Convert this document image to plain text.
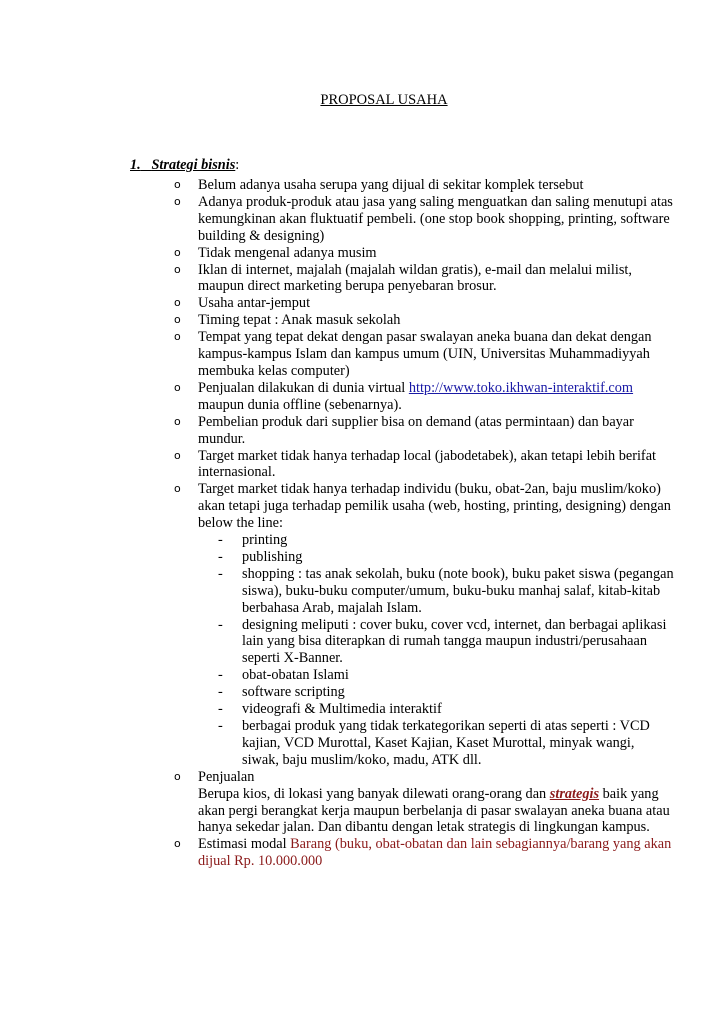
PROPOSAL USAHA
1. Strategi bisnis:
o Belum adanya usaha serupa yang dijual di sekitar komplek tersebut
o Adanya produk-produk atau jasa yang saling menguatkan dan saling menutupi atas kemungkinan akan fluktuatif pembeli. (one stop book shopping, printing, software building & designing)
o Tidak mengenal adanya musim
o Iklan di internet, majalah (majalah wildan gratis), e-mail dan melalui milist, maupun direct marketing berupa penyebaran brosur.
o Usaha antar-jemput
o Timing tepat : Anak masuk sekolah
o Tempat yang tepat dekat dengan pasar swalayan aneka buana dan dekat dengan kampus-kampus Islam dan kampus umum (UIN, Universitas Muhammadiyyah membuka kelas computer)
o Penjualan dilakukan di dunia virtual http://www.toko.ikhwan-interaktif.com maupun dunia offline (sebenarnya).
o Pembelian produk dari supplier bisa on demand (atas permintaan) dan bayar mundur.
o Target market tidak hanya terhadap local (jabodetabek), akan tetapi lebih berifat internasional.
o Target market tidak hanya terhadap individu (buku, obat-2an, baju muslim/koko) akan tetapi juga terhadap pemilik usaha (web, hosting, printing, designing) dengan below the line:
- printing
- publishing
- shopping : tas anak sekolah, buku (note book), buku paket siswa (pegangan siswa), buku-buku computer/umum, buku-buku manhaj salaf, kitab-kitab berbahasa Arab, majalah Islam.
- designing meliputi : cover buku, cover vcd, internet, dan berbagai aplikasi lain yang bisa diterapkan di rumah tangga maupun industri/perusahaan seperti X-Banner.
- obat-obatan Islami
- software scripting
- videografi & Multimedia interaktif
- berbagai produk yang tidak terkategorikan seperti di atas seperti : VCD kajian, VCD Murottal, Kaset Kajian, Kaset Murottal, minyak wangi, siwak, baju muslim/koko, madu, ATK dll.
o Penjualan
Berupa kios, di lokasi yang banyak dilewati orang-orang dan strategis baik yang akan pergi berangkat kerja maupun berbelanja di pasar swalayan aneka buana atau hanya sekedar jalan. Dan dibantu dengan letak strategis di lingkungan kampus.
o Estimasi modal Barang (buku, obat-obatan dan lain sebagiannya/barang yang akan dijual Rp. 10.000.000
